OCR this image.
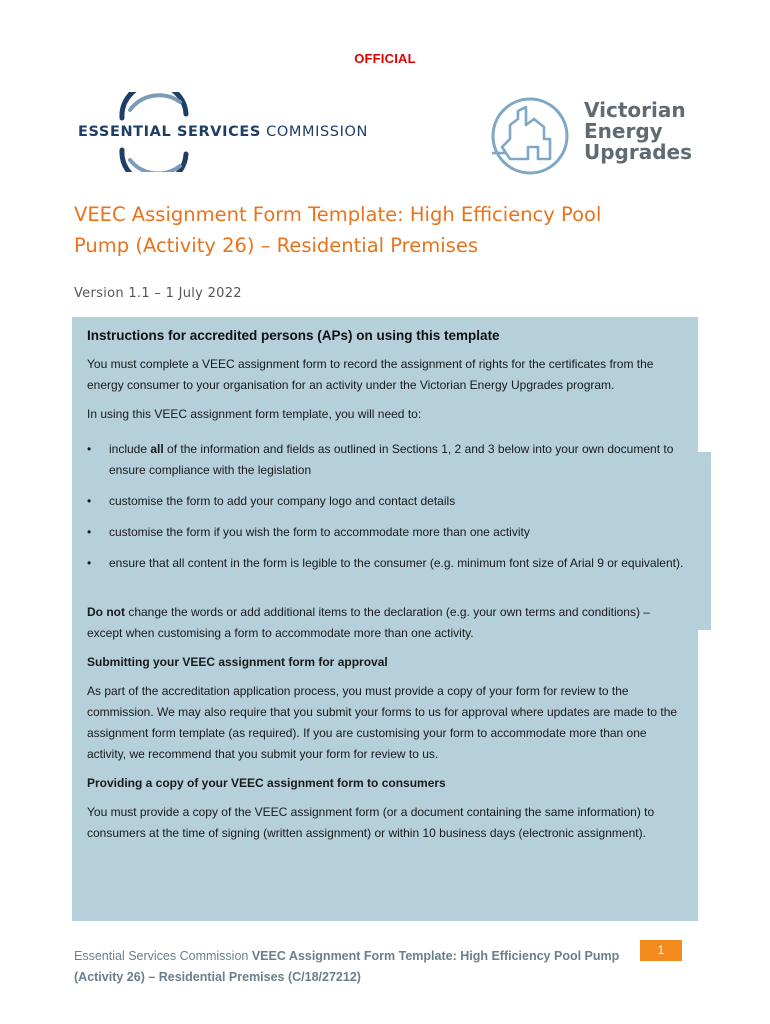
OFFICIAL
ESSENTIAL SERVICES COMMISSION
Victorian
Energy
Upgrades
VEEC Assignment Form Template: High Efficiency Pool
Pump (Activity 26) – Residential Premises
Version 1.1 – 1 July 2022
Instructions for accredited persons (APs) on using this template

You must complete a VEEC assignment form to record the assignment of rights for the certificates from the energy consumer to your organisation for an activity under the Victorian Energy Upgrades program.

In using this VEEC assignment form template, you will need to:

• include all of the information and fields as outlined in Sections 1, 2 and 3 below into your own document to ensure compliance with the legislation
• customise the form to add your company logo and contact details
• customise the form if you wish the form to accommodate more than one activity
• ensure that all content in the form is legible to the consumer (e.g. minimum font size of Arial 9 or equivalent).

Do not change the words or add additional items to the declaration (e.g. your own terms and conditions) – except when customising a form to accommodate more than one activity.

Submitting your VEEC assignment form for approval

As part of the accreditation application process, you must provide a copy of your form for review to the commission. We may also require that you submit your forms to us for approval where updates are made to the assignment form template (as required). If you are customising your form to accommodate more than one activity, we recommend that you submit your form for review to us.

Providing a copy of your VEEC assignment form to consumers

You must provide a copy of the VEEC assignment form (or a document containing the same information) to consumers at the time of signing (written assignment) or within 10 business days (electronic assignment).

Essential Services Commission VEEC Assignment Form Template: High Efficiency Pool Pump (Activity 26) – Residential Premises (C/18/27212)
1
